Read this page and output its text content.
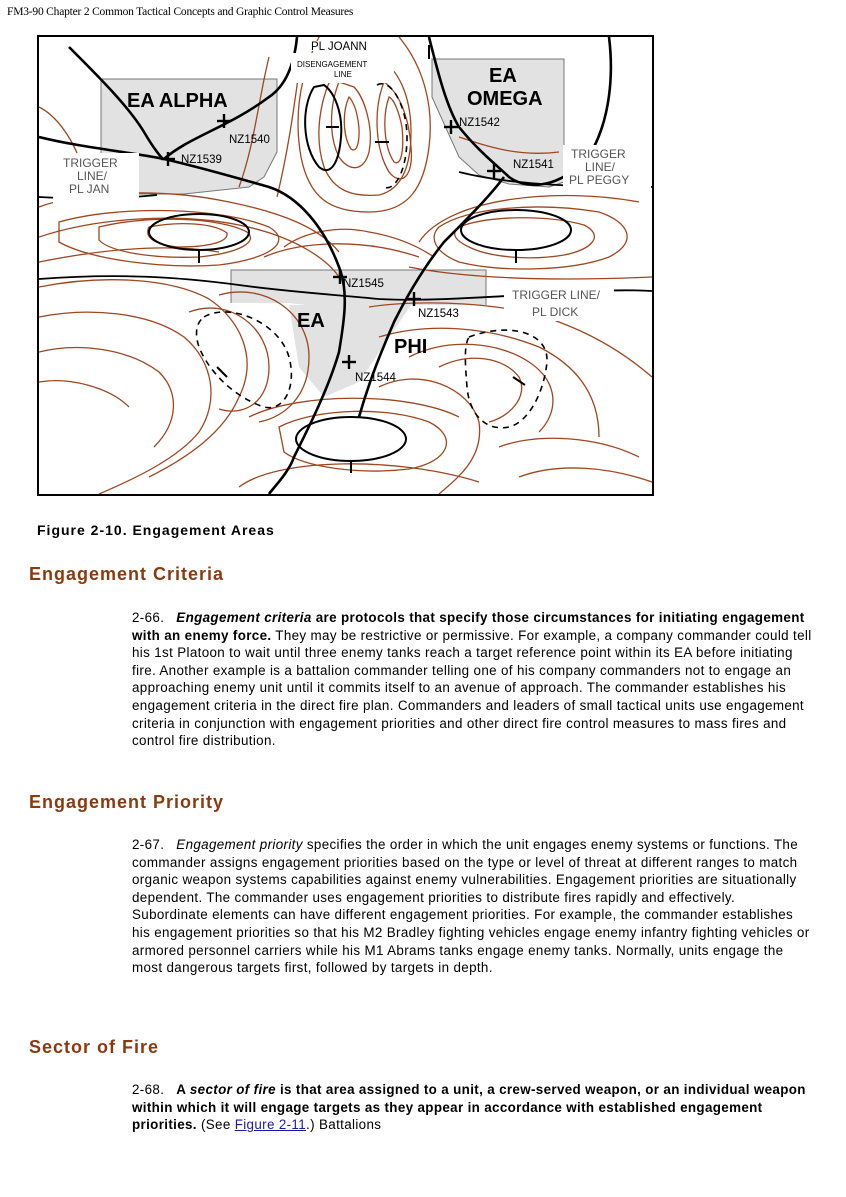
FM3-90 Chapter 2 Common Tactical Concepts and Graphic Control Measures
EA ALPHA
EA
OMEGA
EA
PHI
PL JOANN
DISENGAGEMENT
LINE
NZ1540
NZ1539
NZ1542
NZ1541
NZ1545
NZ1543
NZ1544
TRIGGER
LINE/
PL JAN
TRIGGER
LINE/
PL PEGGY
TRIGGER LINE/
PL DICK
Figure 2-10. Engagement Areas
Engagement Criteria

2-66. Engagement criteria are protocols that specify those circumstances for initiating engagement with an enemy force. They may be restrictive or permissive. For example, a company commander could tell his 1st Platoon to wait until three enemy tanks reach a target reference point within its EA before initiating fire. Another example is a battalion commander telling one of his company commanders not to engage an approaching enemy unit until it commits itself to an avenue of approach. The commander establishes his engagement criteria in the direct fire plan. Commanders and leaders of small tactical units use engagement criteria in conjunction with engagement priorities and other direct fire control measures to mass fires and control fire distribution.

Engagement Priority

2-67. Engagement priority specifies the order in which the unit engages enemy systems or functions. The commander assigns engagement priorities based on the type or level of threat at different ranges to match organic weapon systems capabilities against enemy vulnerabilities. Engagement priorities are situationally dependent. The commander uses engagement priorities to distribute fires rapidly and effectively. Subordinate elements can have different engagement priorities. For example, the commander establishes his engagement priorities so that his M2 Bradley fighting vehicles engage enemy infantry fighting vehicles or armored personnel carriers while his M1 Abrams tanks engage enemy tanks. Normally, units engage the most dangerous targets first, followed by targets in depth.

Sector of Fire

2-68. A sector of fire is that area assigned to a unit, a crew-served weapon, or an individual weapon within which it will engage targets as they appear in accordance with established engagement priorities. (See Figure 2-11.) Battalions
